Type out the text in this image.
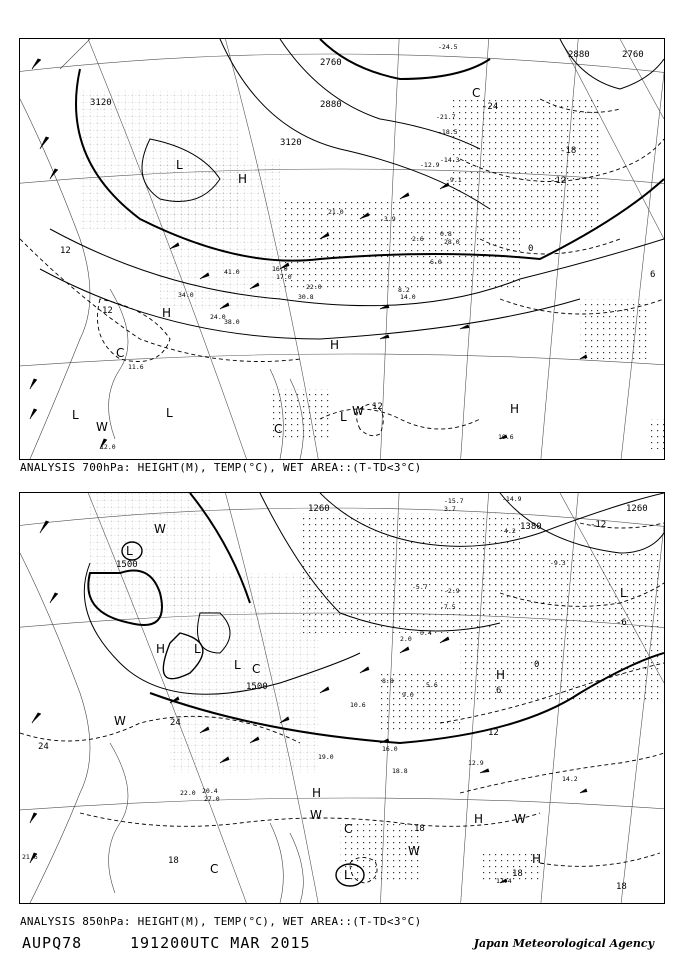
-24.5
-21.7
-18.5
-14.3
-12.9
-9.1
-3.9
0.8
2.6
6.0
8.2
10.6
11.6
12.0
14.0
16.0
17.0
21.0
22.0
24.0
28.0
30.8
34.0
38.0
41.0
3120
3120
2760
2880
2880	2760
12
12
12
-12
-18
-24
0
6
L
L	L	L
H
H
H
H
C
C
C
W
W
ANALYSIS 700hPa: HEIGHT(M), TEMP(°C), WET AREA::(T-TD<3°C)
-15.7	-14.9
-9.3
-7.5
-5.7	-2.9
0.4
2.0
3.7
4.2
5.6
8.8
9.0
10.6
12.9
14.2
16.0
17.4
18.8
19.0
20.4
21.6
22.0
27.0
1260
1380
1260
1500
1500
-12
-6
0
6
12
18
18
18
18
24
24
L
L
L
L
L
H
H
H
H
H
C
C
C
W
W
W
W
W
ANALYSIS 850hPa: HEIGHT(M), TEMP(°C), WET AREA::(T-TD<3°C)
AUPQ78	191200UTC MAR 2015	Japan Meteorological Agency
